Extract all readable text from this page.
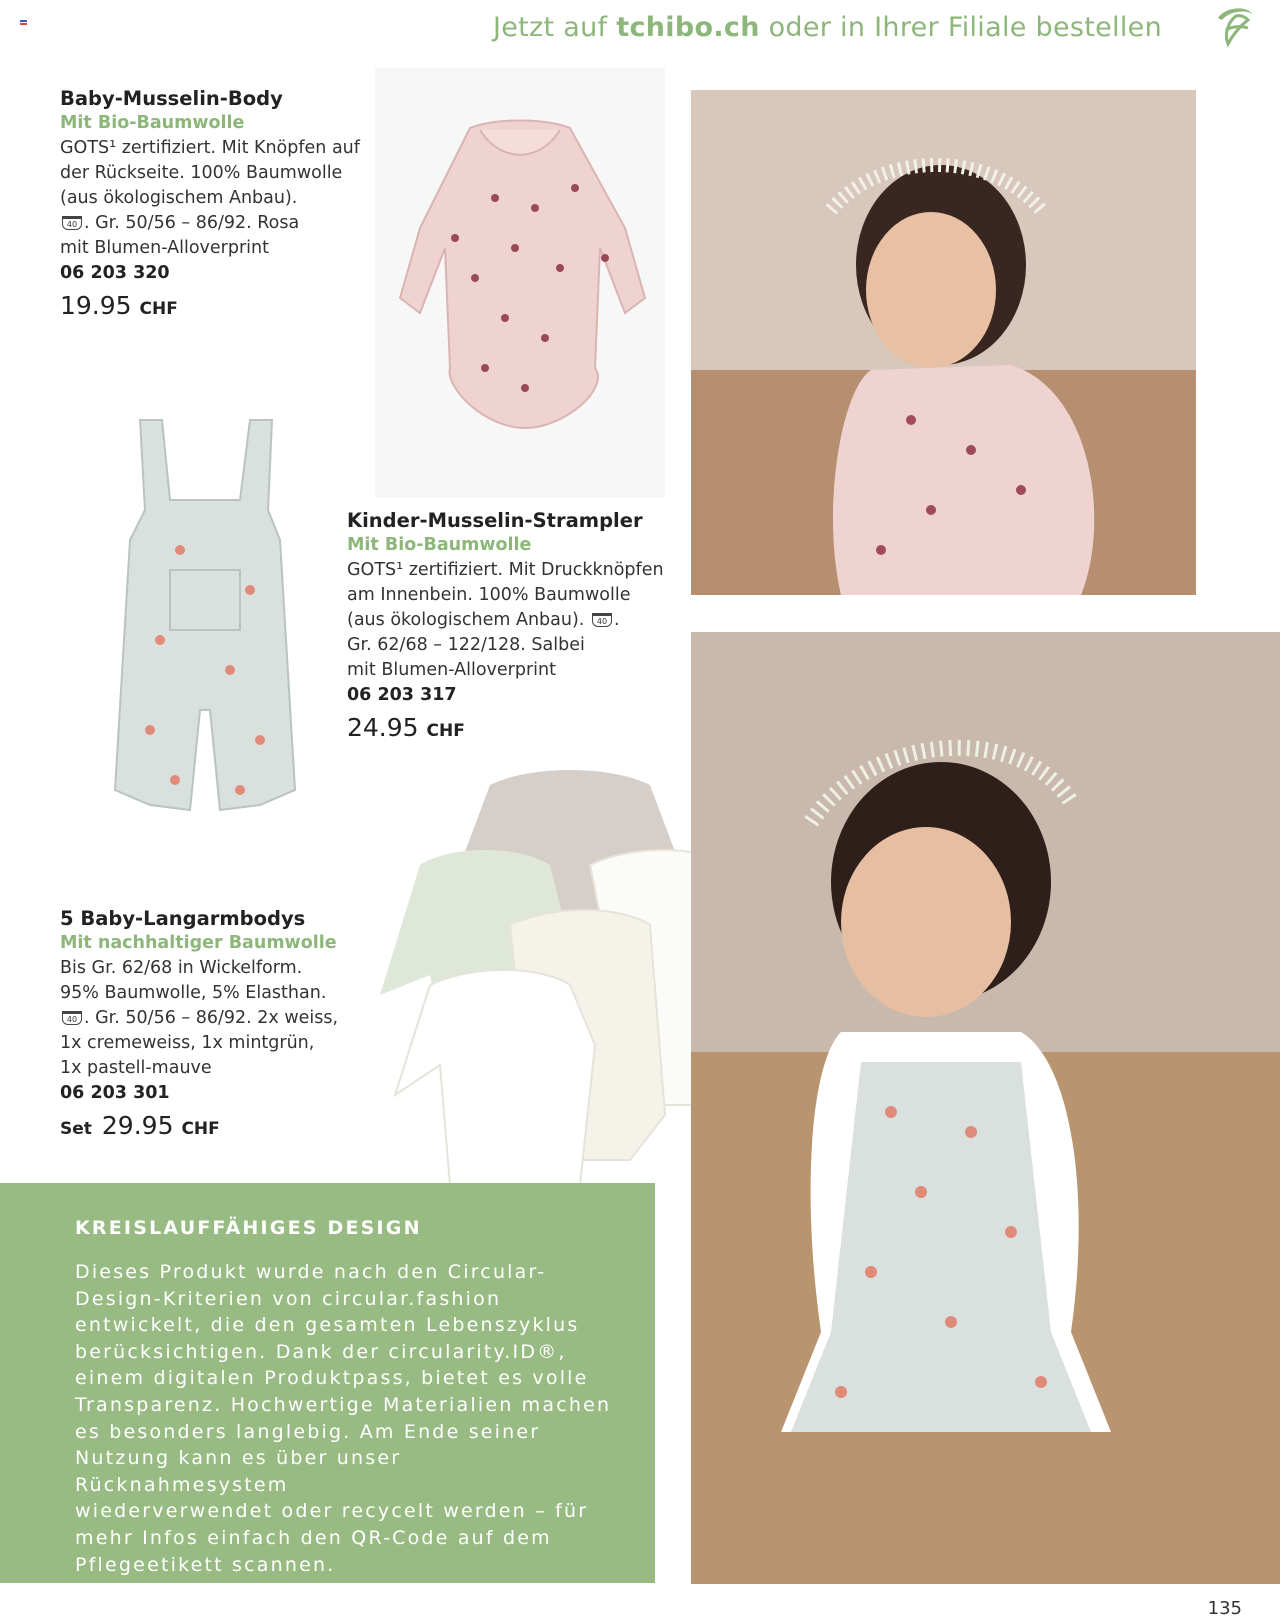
Jetzt auf tchibo.ch oder in Ihrer Filiale bestellen
Baby-Musselin-Body
Mit Bio-Baumwolle
GOTS¹ zertifiziert. Mit Knöpfen auf
der Rückseite. 100% Baumwolle
(aus ökologischem Anbau).
40 . Gr. 50/56 – 86/92. Rosa
mit Blumen-Alloverprint
06 203 320
19.95 CHF
Kinder-Musselin-Strampler
Mit Bio-Baumwolle
GOTS¹ zertifiziert. Mit Druckknöpfen
am Innenbein. 100% Baumwolle
(aus ökologischem Anbau). 40 .
Gr. 62/68 – 122/128. Salbei
mit Blumen-Alloverprint
06 203 317
24.95 CHF
5 Baby-Langarmbodys
Mit nachhaltiger Baumwolle
Bis Gr. 62/68 in Wickelform.
95% Baumwolle, 5% Elasthan.
40 . Gr. 50/56 – 86/92. 2x weiss,
1x cremeweiss, 1x mintgrün,
1x pastell-mauve
06 203 301
Set 29.95 CHF
KREISLAUFFÄHIGES DESIGN
Dieses Produkt wurde nach den Circular-
Design-Kriterien von circular.fashion
entwickelt, die den gesamten Lebenszyklus
berücksichtigen. Dank der circularity.ID®,
einem digitalen Produktpass, bietet es volle
Transparenz. Hochwertige Materialien machen
es besonders langlebig. Am Ende seiner
Nutzung kann es über unser Rücknahmesystem
wiederverwendet oder recycelt werden – für
mehr Infos einfach den QR-Code auf dem
Pflegeetikett scannen.
135
